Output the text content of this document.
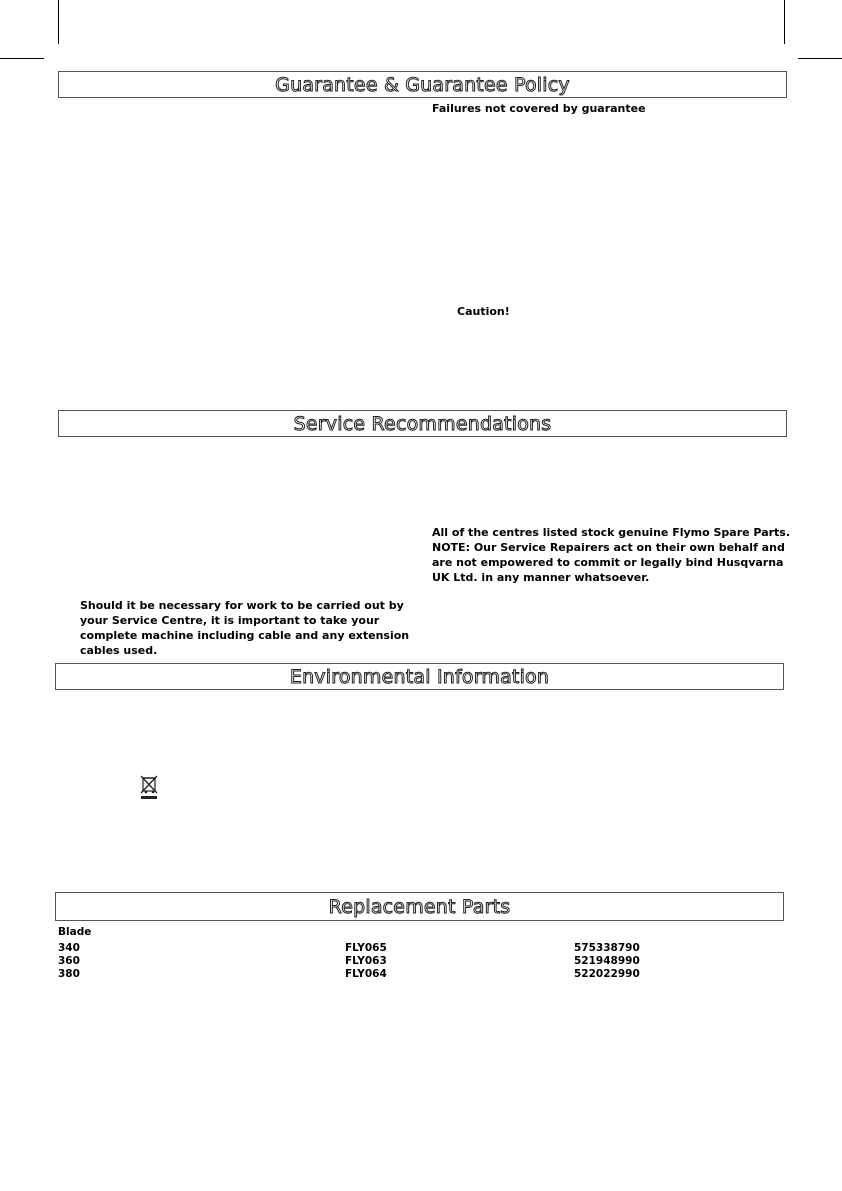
Guarantee & Guarantee Policy
Failures not covered by guarantee
Caution!
Service Recommendations
All of the centres listed stock genuine Flymo Spare Parts.
NOTE: Our Service Repairers act on their own behalf and are not empowered to commit or legally bind Husqvarna UK Ltd. in any manner whatsoever.
Should it be necessary for work to be carried out by your Service Centre, it is important to take your complete machine including cable and any extension cables used.
Environmental Information
Replacement Parts
Blade
340	FLY065	575338790
360	FLY063	521948990
380	FLY064	522022990
